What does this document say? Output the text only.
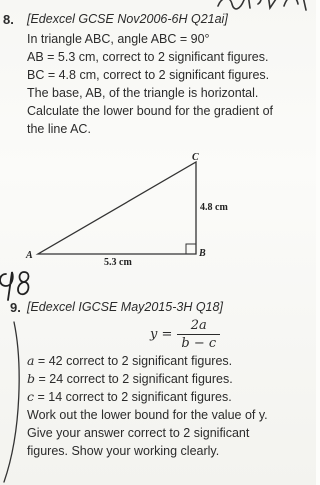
8. [Edexcel GCSE Nov2006-6H Q21ai]
In triangle ABC, angle ABC = 90°
AB = 5.3 cm, correct to 2 significant figures.
BC = 4.8 cm, correct to 2 significant figures.
The base, AB, of the triangle is horizontal.
Calculate the lower bound for the gradient of
the line AC.
A	B
C
4.8 cm
5.3 cm
9. [Edexcel IGCSE May2015-3H Q18]
$y = \frac{2a}{b - c}$
a = 42 correct to 2 significant figures.
b = 24 correct to 2 significant figures.
c = 14 correct to 2 significant figures.
Work out the lower bound for the value of y.
Give your answer correct to 2 significant
figures. Show your working clearly.
